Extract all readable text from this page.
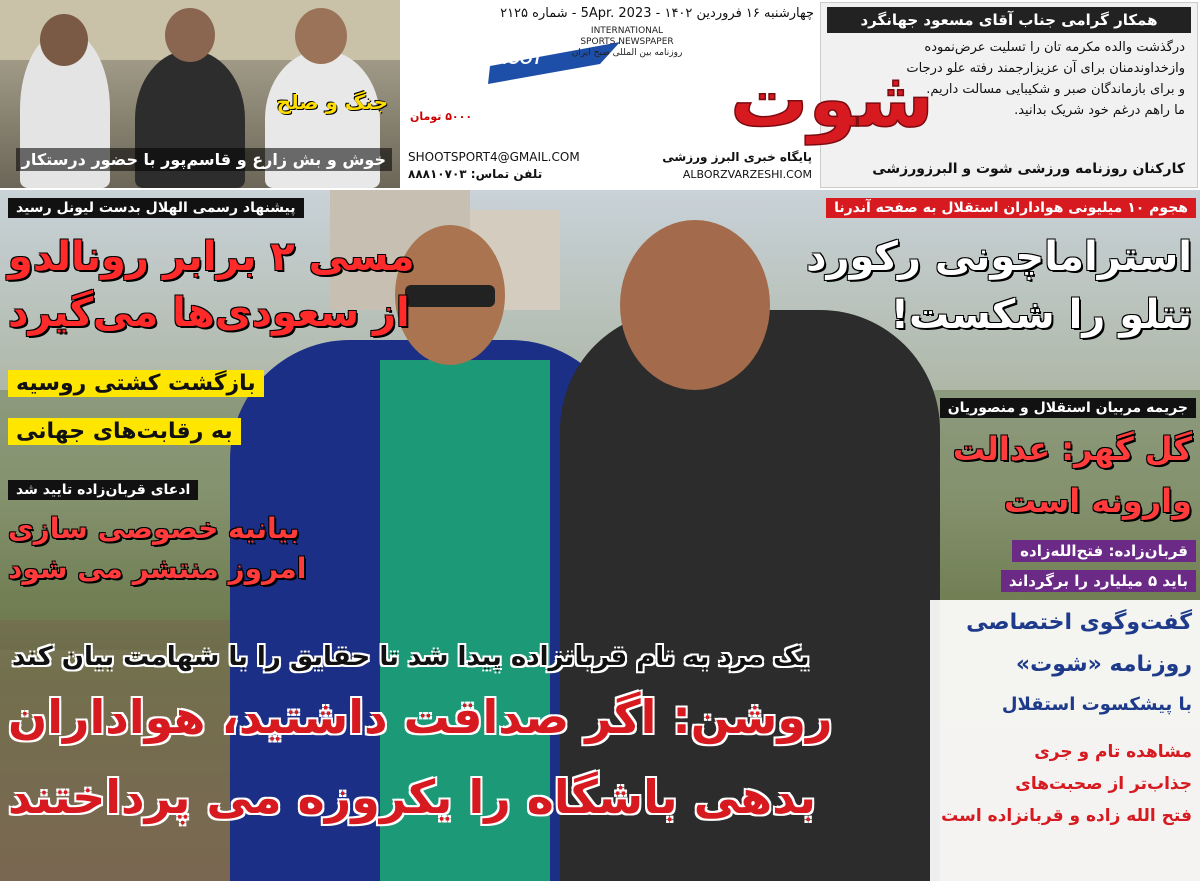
همکار گرامی جناب آقای مسعود جهانگرد
درگذشت والده مکرمه تان را تسلیت عرض‌نموده
وازخداوندمنان برای آن عزیزارجمند رفته علو درجات
و برای بازماندگان صبر و شکیبایی مسالت داریم.
ما راهم درغم خود شریک بدانید.
کارکنان روزنامه ورزشی شوت و البرزورزشی
چهارشنبه ۱۶ فروردین ۱۴۰۲ - 5Apr. 2023 - شماره ۲۱۲۵
SHOOT شوت
INTERNATIONAL
SPORTS NEWSPAPER
روزنامه بین المللی صبح ایران
۵۰۰۰ تومان
پایگاه خبری البرز ورزشی
ALBORZVARZESHI.COM
SHOOTSPORT4@GMAIL.COM
تلفن تماس: ۸۸۸۱۰۷۰۳
جنگ و صلح
خوش و بش زارع و قاسم‌پور با حضور درستکار
پیشنهاد رسمی الهلال بدست لیونل رسید
مسی ۲ برابر رونالدو
از سعودی‌ها می‌گیرد
بازگشت کشتی روسیه
به رقابت‌های جهانی
ادعای قربان‌زاده تایید شد
بیانیه خصوصی سازی
امروز منتشر می شود
هجوم ۱۰ میلیونی هواداران استقلال به صفحه آندرنا
استراماچونی رکورد
تتلو را شکست!
جریمه مربیان استقلال و منصوریان
گل گهر: عدالت
وارونه است
قربان‌زاده: فتح‌الله‌زاده
باید ۵ میلیارد را برگرداند
گفت‌وگوی اختصاصی
روزنامه «شوت»
با پیشکسوت استقلال
مشاهده تام و جری
جذاب‌تر از صحبت‌های
فتح الله زاده و قربانزاده است
یک مرد به نام قربانزاده پیدا شد تا حقایق را با شهامت بیان کند
روشن: اگر صداقت داشتید، هواداران
بدهی باشگاه را یکروزه می پرداختند
